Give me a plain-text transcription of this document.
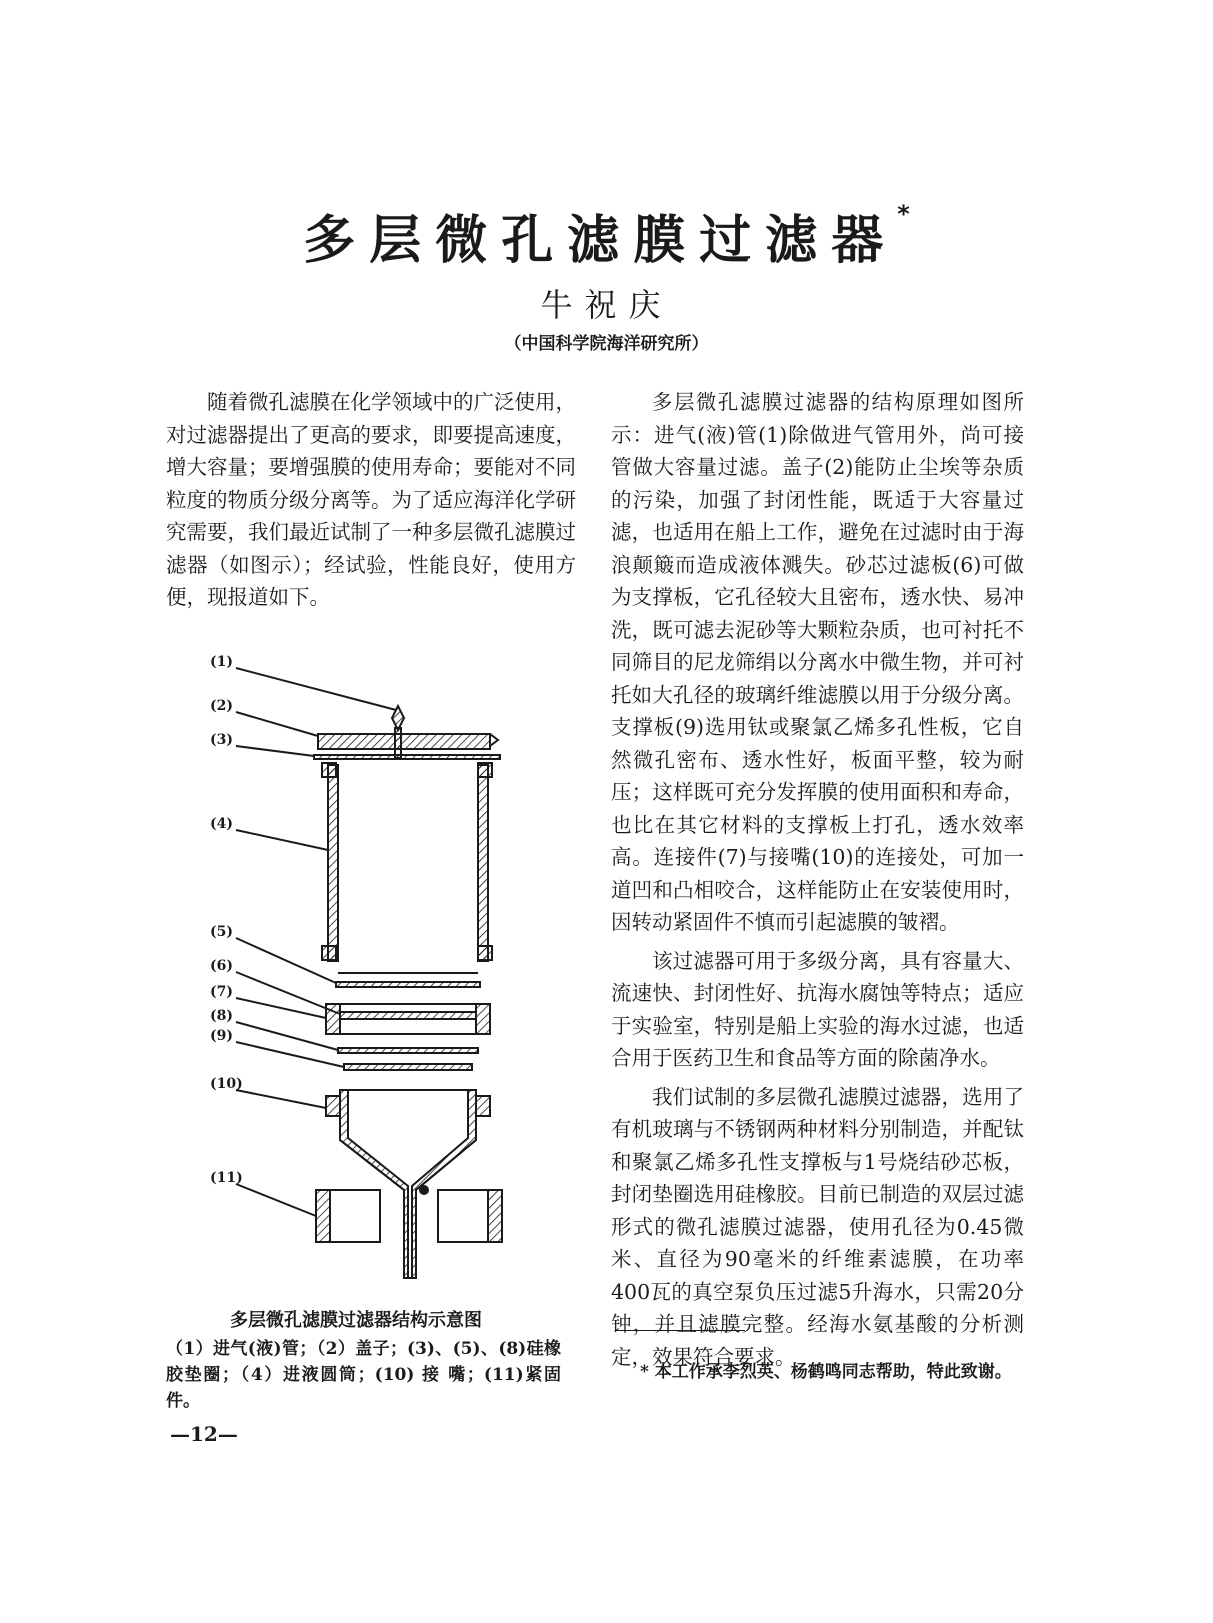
多层微孔滤膜过滤器*
牛祝庆
（中国科学院海洋研究所）

随着微孔滤膜在化学领域中的广泛使用，对过滤器提出了更高的要求，即要提高速度，增大容量；要增强膜的使用寿命；要能对不同粒度的物质分级分离等。为了适应海洋化学研究需要，我们最近试制了一种多层微孔滤膜过滤器（如图示）；经试验，性能良好，使用方便，现报道如下。

多层微孔滤膜过滤器的结构原理如图所示：进气(液)管(1)除做进气管用外，尚可接管做大容量过滤。盖子(2)能防止尘埃等杂质的污染，加强了封闭性能，既适于大容量过滤，也适用在船上工作，避免在过滤时由于海浪颠簸而造成液体溅失。砂芯过滤板(6)可做为支撑板，它孔径较大且密布，透水快、易冲洗，既可滤去泥砂等大颗粒杂质，也可衬托不同筛目的尼龙筛绢以分离水中微生物，并可衬托如大孔径的玻璃纤维滤膜以用于分级分离。支撑板(9)选用钛或聚氯乙烯多孔性板，它自然微孔密布、透水性好，板面平整，较为耐压；这样既可充分发挥膜的使用面积和寿命，也比在其它材料的支撑板上打孔，透水效率高。连接件(7)与接嘴(10)的连接处，可加一道凹和凸相咬合，这样能防止在安装使用时，因转动紧固件不慎而引起滤膜的皱褶。

该过滤器可用于多级分离，具有容量大、流速快、封闭性好、抗海水腐蚀等特点；适应于实验室，特别是船上实验的海水过滤，也适合用于医药卫生和食品等方面的除菌净水。

我们试制的多层微孔滤膜过滤器，选用了有机玻璃与不锈钢两种材料分别制造，并配钛和聚氯乙烯多孔性支撑板与1号烧结砂芯板，封闭垫圈选用硅橡胶。目前已制造的双层过滤形式的微孔滤膜过滤器，使用孔径为0.45微米、直径为90毫米的纤维素滤膜，在功率400瓦的真空泵负压过滤5升海水，只需20分钟，并且滤膜完整。经海水氨基酸的分析测定，效果符合要求。

(1)
(2)
(3)
(4)
(5)
(6)
(7)
(8)
(9)
(10)
(11)
多层微孔滤膜过滤器结构示意图
（1）进气(液)管；（2）盖子；(3)、(5)、(8)硅橡胶垫圈；（4）进液圆筒；(10) 接 嘴；(11)紧固件。
* 本工作承李烈英、杨鹤鸣同志帮助，特此致谢。
—12—
